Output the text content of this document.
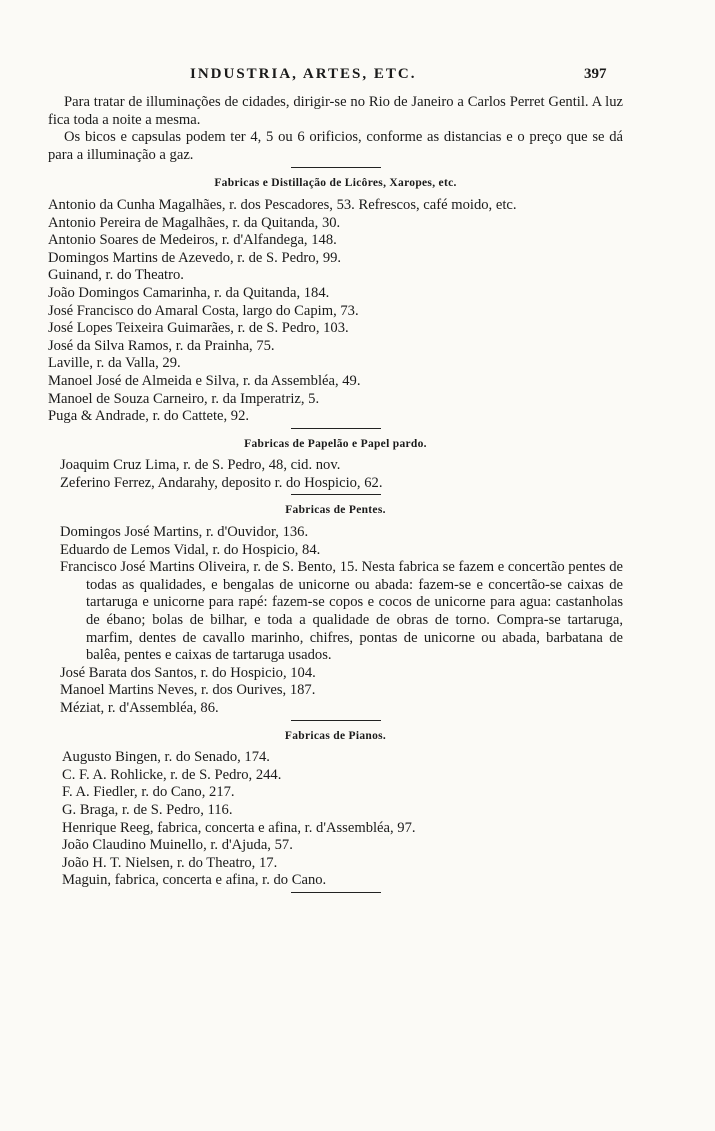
INDUSTRIA, ARTES, ETC.	397

Para tratar de illuminações de cidades, dirigir-se no Rio de Janeiro a Carlos Perret Gentil. A luz fica toda a noite a mesma.

Os bicos e capsulas podem ter 4, 5 ou 6 orificios, conforme as distancias e o preço que se dá para a illuminação a gaz.

Fabricas e Distillação de Licôres, Xaropes, etc.
Antonio da Cunha Magalhães, r. dos Pescadores, 53. Refrescos, café moido, etc.
Antonio Pereira de Magalhães, r. da Quitanda, 30.
Antonio Soares de Medeiros, r. d'Alfandega, 148.
Domingos Martins de Azevedo, r. de S. Pedro, 99.
Guinand, r. do Theatro.
João Domingos Camarinha, r. da Quitanda, 184.
José Francisco do Amaral Costa, largo do Capim, 73.
José Lopes Teixeira Guimarães, r. de S. Pedro, 103.
José da Silva Ramos, r. da Prainha, 75.
Laville, r. da Valla, 29.
Manoel José de Almeida e Silva, r. da Assembléa, 49.
Manoel de Souza Carneiro, r. da Imperatriz, 5.
Puga & Andrade, r. do Cattete, 92.
Fabricas de Papelão e Papel pardo.
Joaquim Cruz Lima, r. de S. Pedro, 48, cid. nov.
Zeferino Ferrez, Andarahy, deposito r. do Hospicio, 62.
Fabricas de Pentes.
Domingos José Martins, r. d'Ouvidor, 136.
Eduardo de Lemos Vidal, r. do Hospicio, 84.
Francisco José Martins Oliveira, r. de S. Bento, 15. Nesta fabrica se fazem e concertão pentes de todas as qualidades, e bengalas de unicorne ou abada: fazem-se e concertão-se caixas de tartaruga e unicorne para rapé: fazem-se copos e cocos de unicorne para agua: castanholas de ébano; bolas de bilhar, e toda a qualidade de obras de torno. Compra-se tartaruga, marfim, dentes de cavallo marinho, chifres, pontas de unicorne ou abada, barbatana de balêa, pentes e caixas de tartaruga usados.
José Barata dos Santos, r. do Hospicio, 104.
Manoel Martins Neves, r. dos Ourives, 187.
Méziat, r. d'Assembléa, 86.
Fabricas de Pianos.
Augusto Bingen, r. do Senado, 174.
C. F. A. Rohlicke, r. de S. Pedro, 244.
F. A. Fiedler, r. do Cano, 217.
G. Braga, r. de S. Pedro, 116.
Henrique Reeg, fabrica, concerta e afina, r. d'Assembléa, 97.
João Claudino Muinello, r. d'Ajuda, 57.
João H. T. Nielsen, r. do Theatro, 17.
Maguin, fabrica, concerta e afina, r. do Cano.
